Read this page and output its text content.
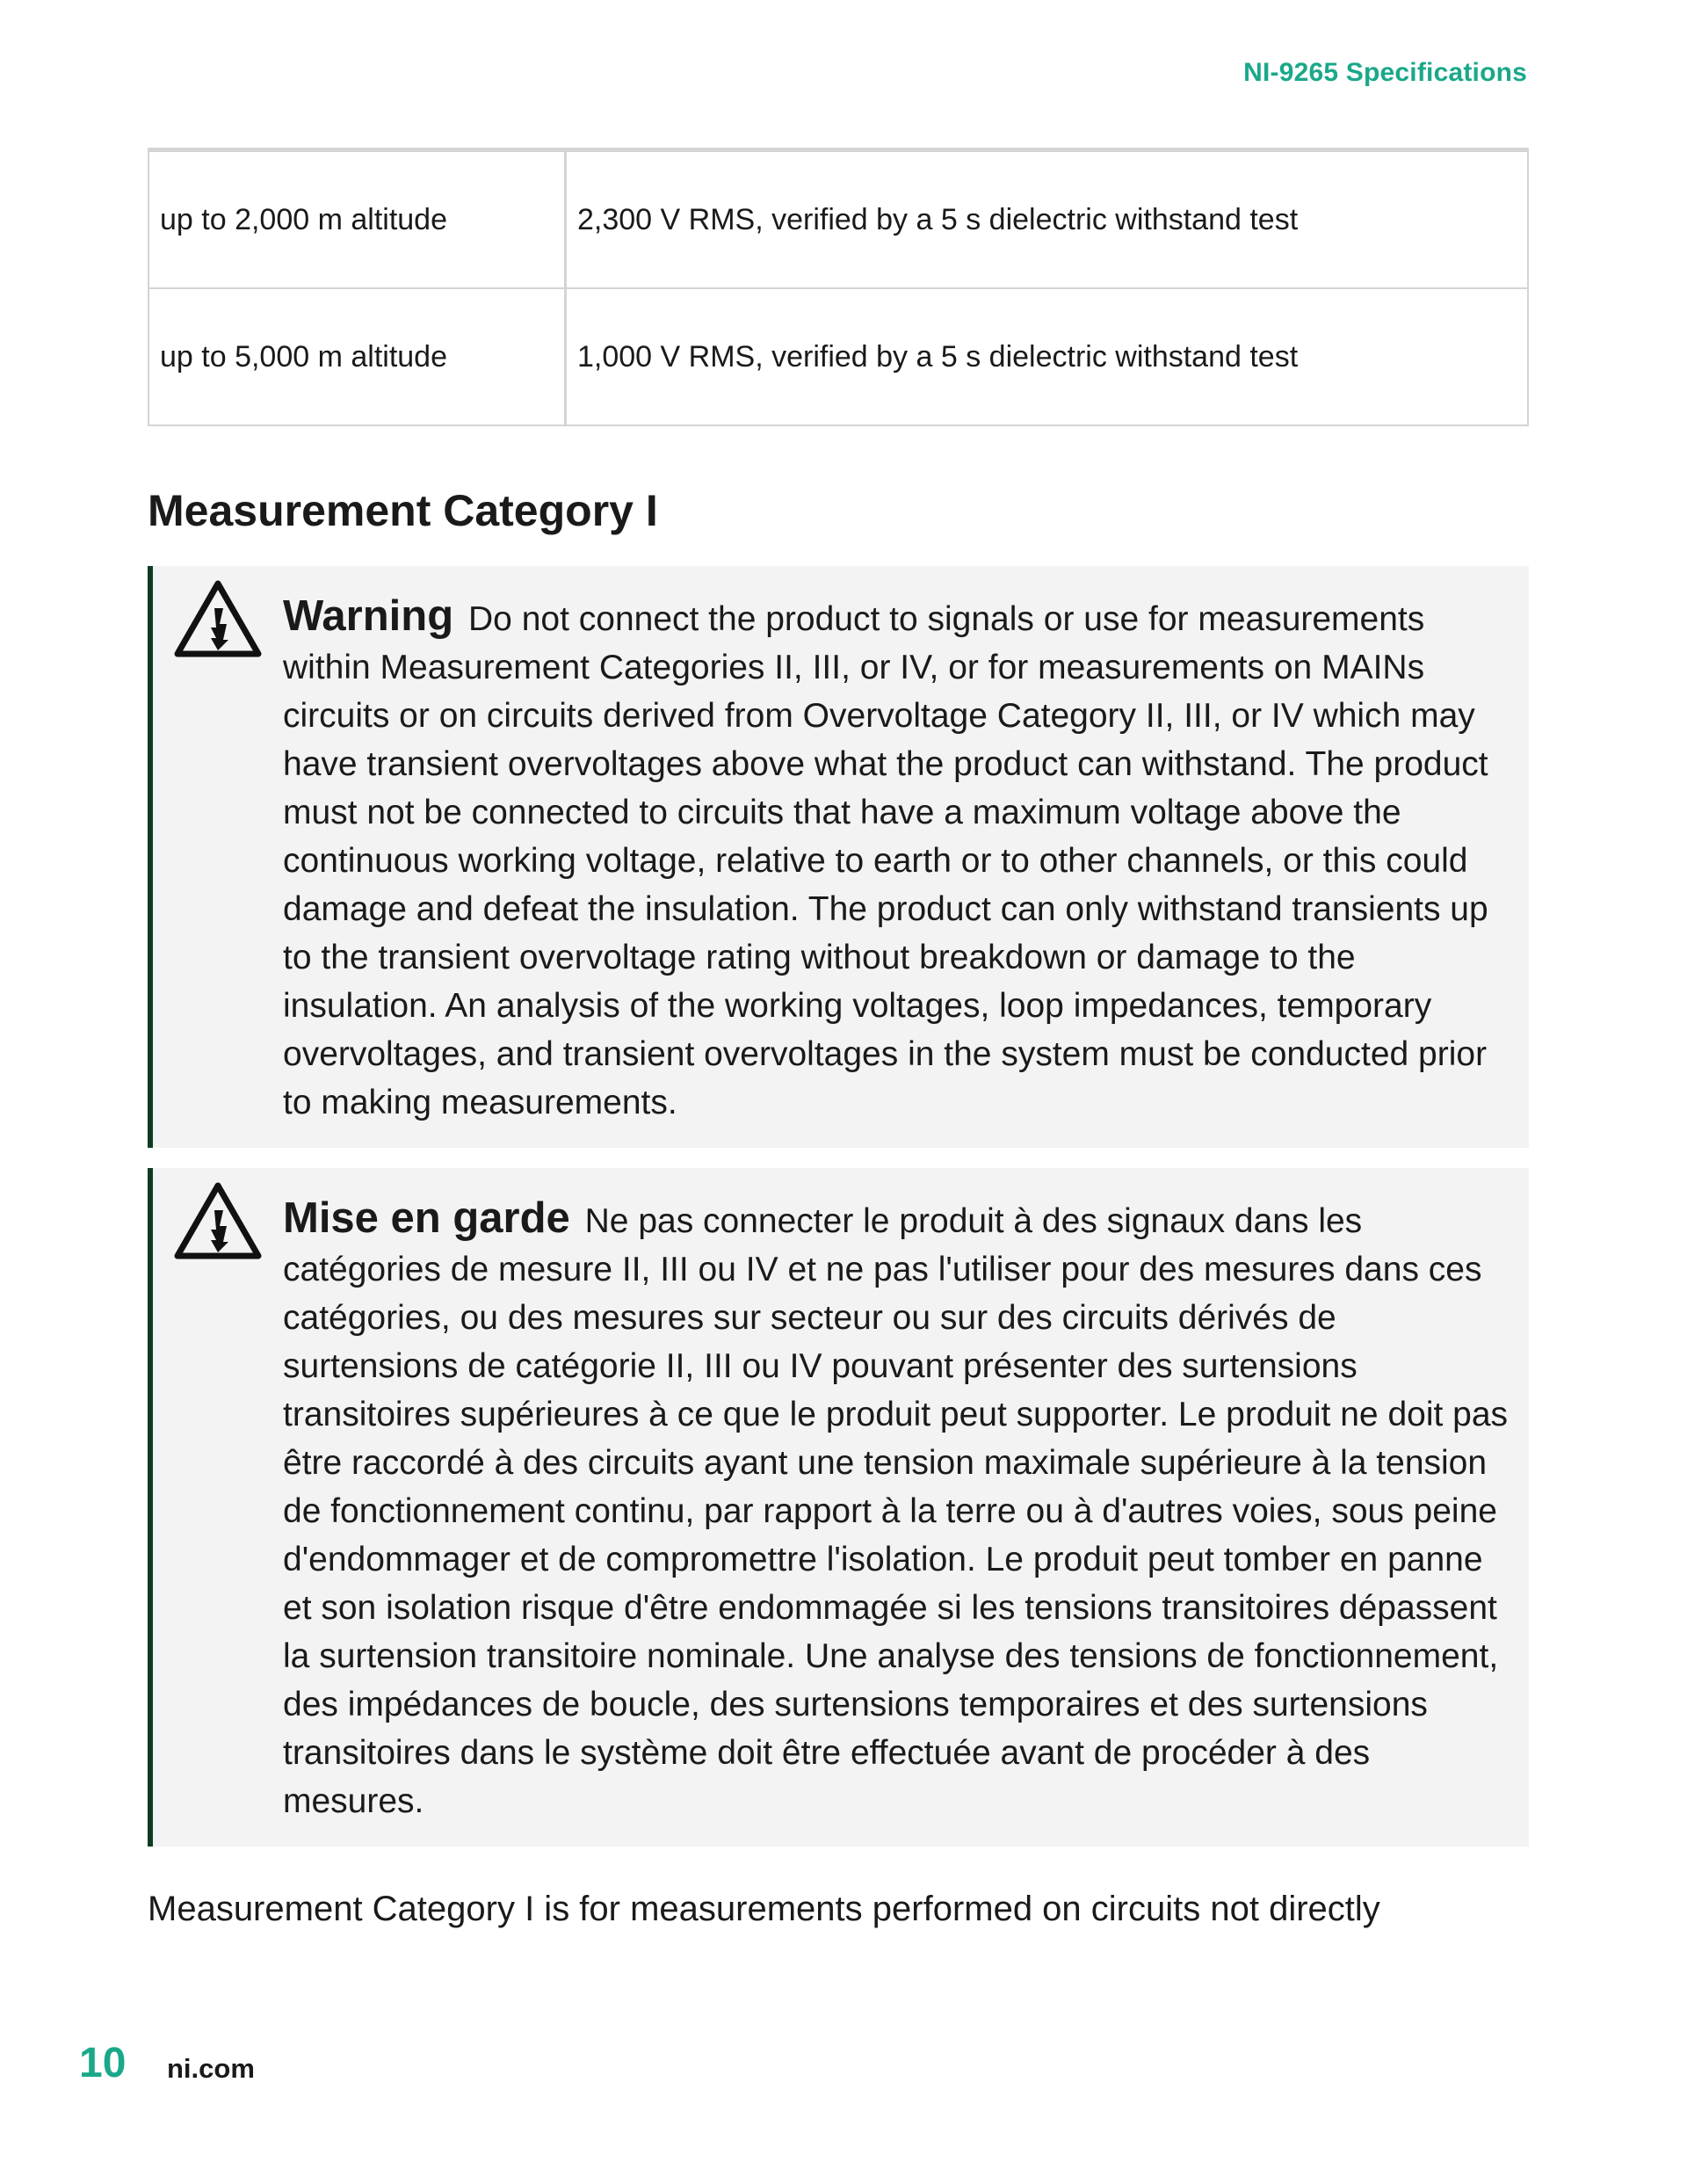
NI-9265 Specifications
up to 2,000 m altitude	2,300 V RMS, verified by a 5 s dielectric withstand test
up to 5,000 m altitude	1,000 V RMS, verified by a 5 s dielectric withstand test
Measurement Category I

Warning Do not connect the product to signals or use for measurements within Measurement Categories II, III, or IV, or for measurements on MAINs circuits or on circuits derived from Overvoltage Category II, III, or IV which may have transient overvoltages above what the product can withstand. The product must not be connected to circuits that have a maximum voltage above the continuous working voltage, relative to earth or to other channels, or this could damage and defeat the insulation. The product can only withstand transients up to the transient overvoltage rating without breakdown or damage to the insulation. An analysis of the working voltages, loop impedances, temporary overvoltages, and transient overvoltages in the system must be conducted prior to making measurements.

Mise en garde Ne pas connecter le produit à des signaux dans les catégories de mesure II, III ou IV et ne pas l'utiliser pour des mesures dans ces catégories, ou des mesures sur secteur ou sur des circuits dérivés de surtensions de catégorie II, III ou IV pouvant présenter des surtensions transitoires supérieures à ce que le produit peut supporter. Le produit ne doit pas être raccordé à des circuits ayant une tension maximale supérieure à la tension de fonctionnement continu, par rapport à la terre ou à d'autres voies, sous peine d'endommager et de compromettre l'isolation. Le produit peut tomber en panne et son isolation risque d'être endommagée si les tensions transitoires dépassent la surtension transitoire nominale. Une analyse des tensions de fonctionnement, des impédances de boucle, des surtensions temporaires et des surtensions transitoires dans le système doit être effectuée avant de procéder à des mesures.

Measurement Category I is for measurements performed on circuits not directly

10 ni.com
